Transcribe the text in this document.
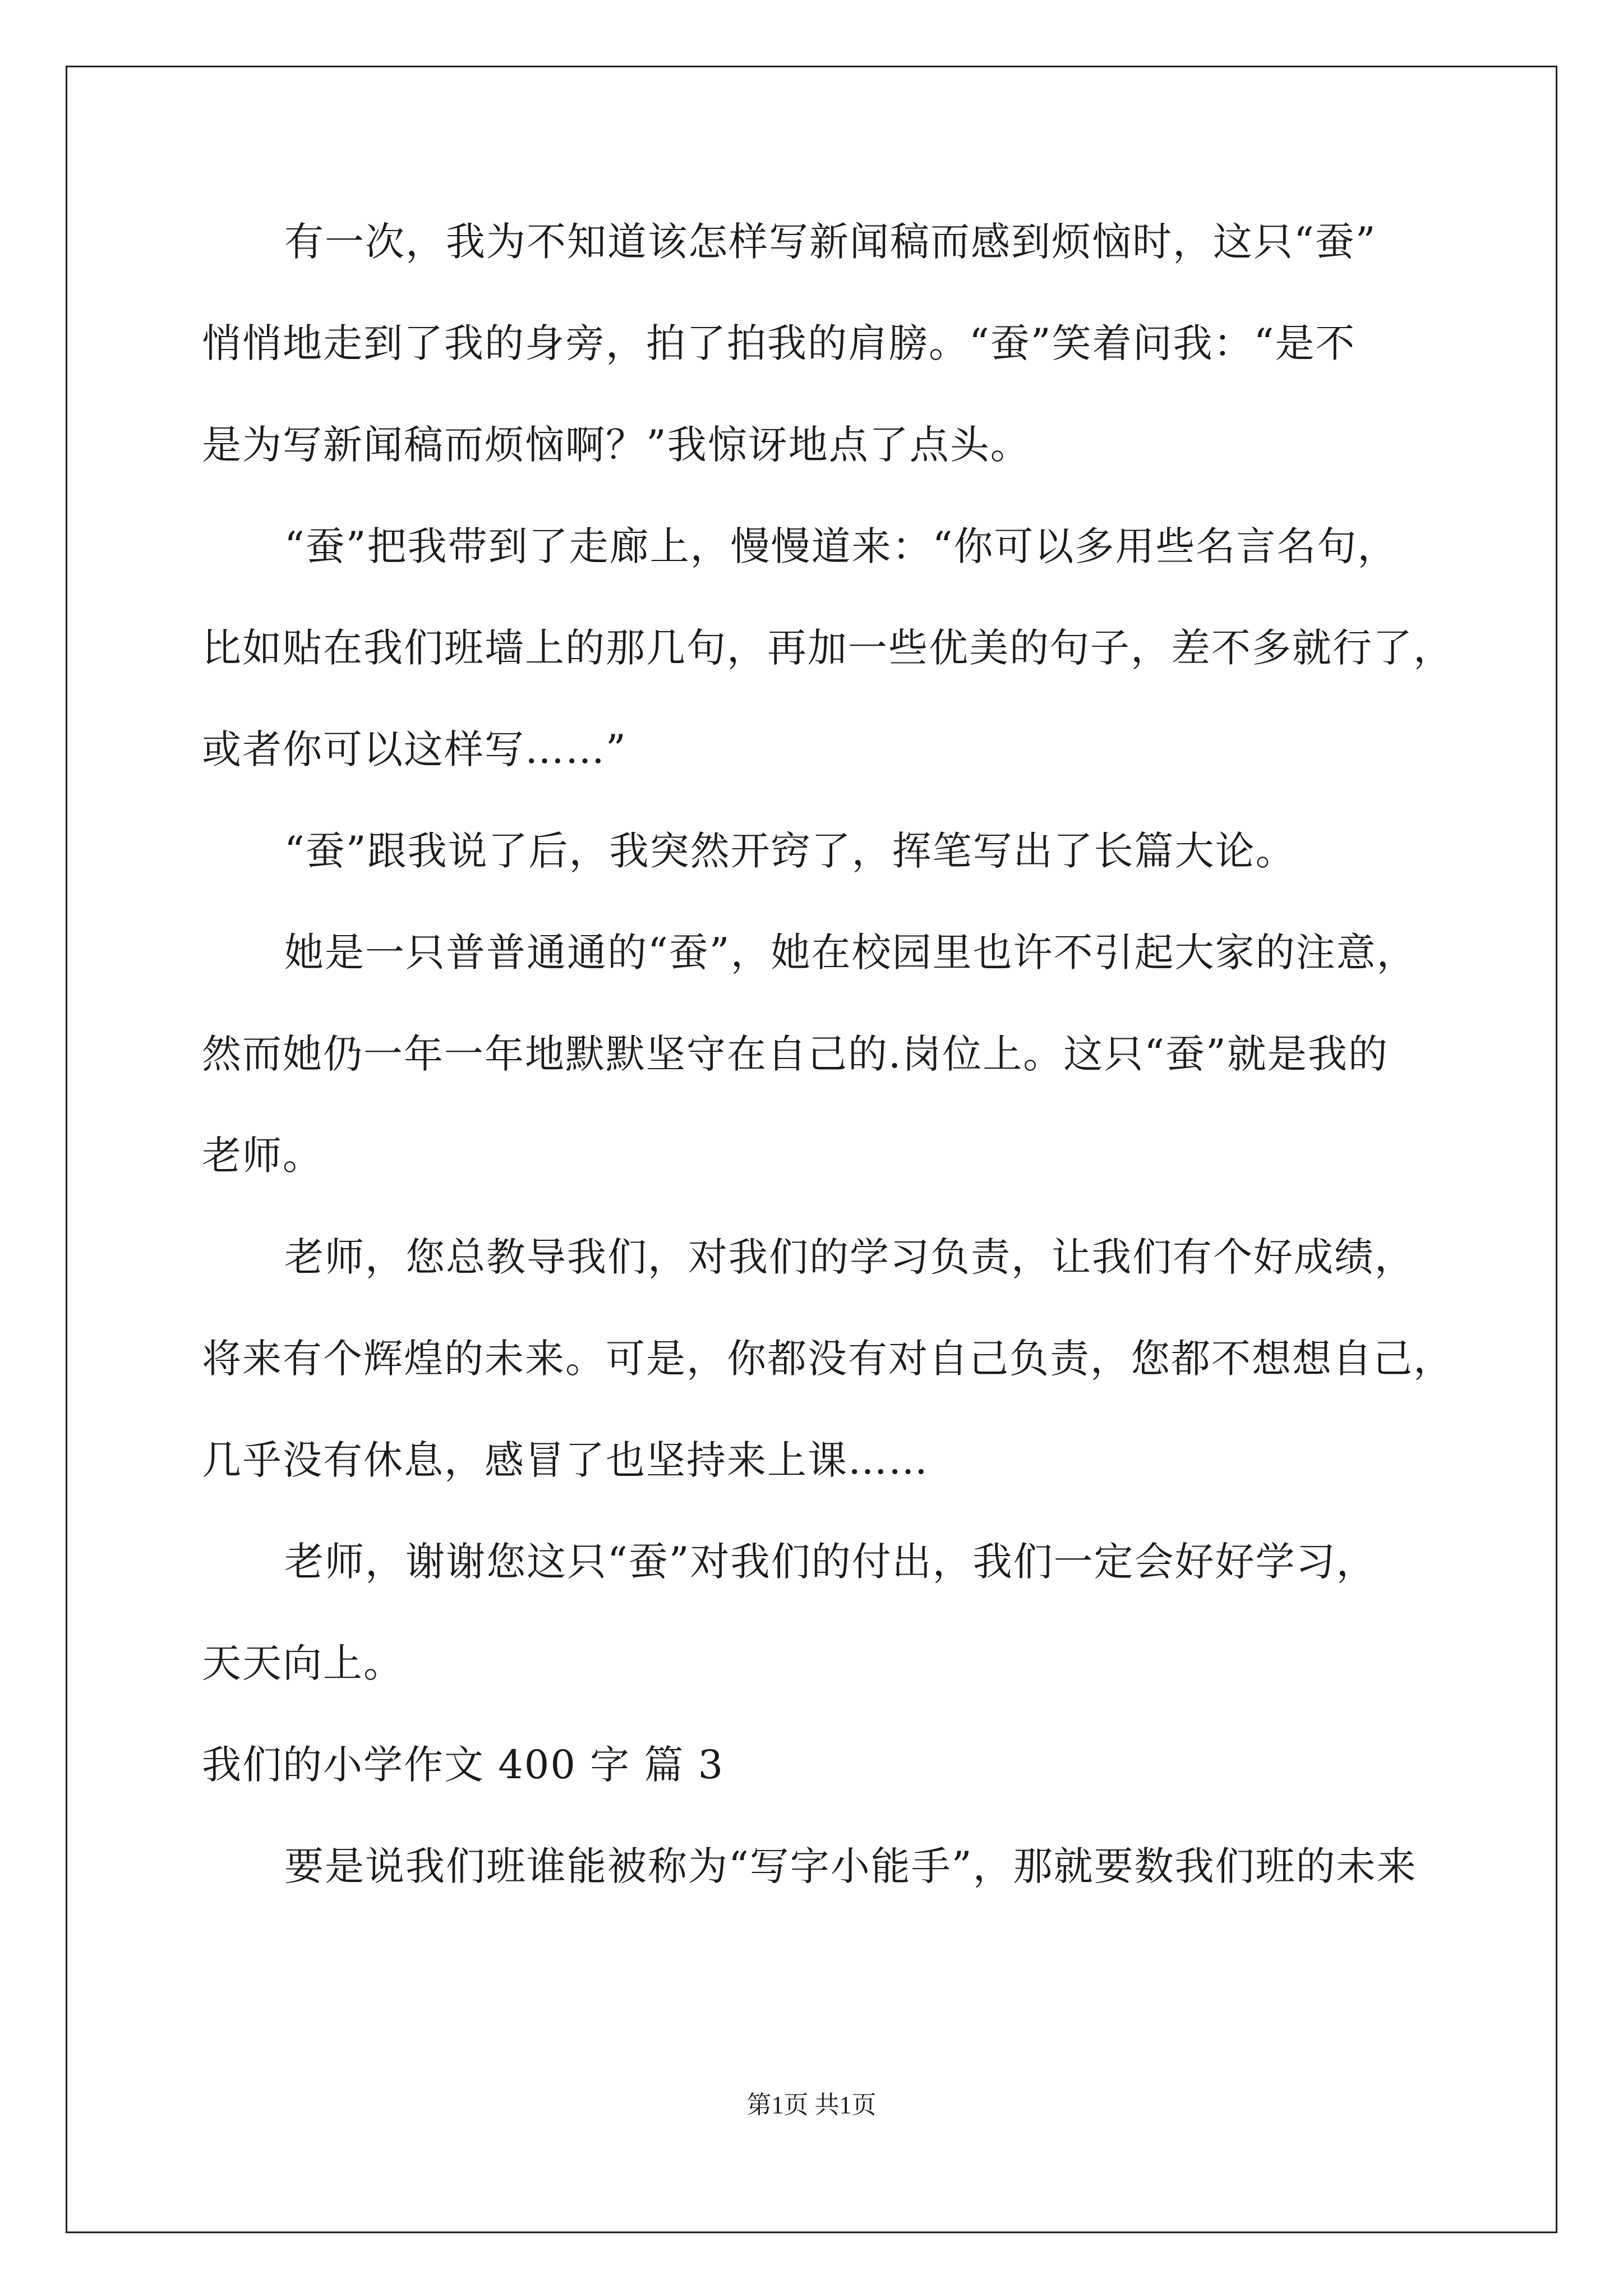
有一次，我为不知道该怎样写新闻稿而感到烦恼时，这只“蚕”

悄悄地走到了我的身旁，拍了拍我的肩膀。“蚕”笑着问我：“是不

是为写新闻稿而烦恼啊？”我惊讶地点了点头。

“蚕”把我带到了走廊上，慢慢道来：“你可以多用些名言名句，

比如贴在我们班墙上的那几句，再加一些优美的句子，差不多就行了，

或者你可以这样写……”

“蚕”跟我说了后，我突然开窍了，挥笔写出了长篇大论。

她是一只普普通通的“蚕”，她在校园里也许不引起大家的注意，

然而她仍一年一年地默默坚守在自己的.岗位上。这只“蚕”就是我的

老师。

老师，您总教导我们，对我们的学习负责，让我们有个好成绩，

将来有个辉煌的未来。可是，你都没有对自己负责，您都不想想自己，

几乎没有休息，感冒了也坚持来上课……

老师，谢谢您这只“蚕”对我们的付出，我们一定会好好学习，

天天向上。

我们的小学作文 400 字 篇 3

要是说我们班谁能被称为“写字小能手”，那就要数我们班的未来

第1页 共1页
